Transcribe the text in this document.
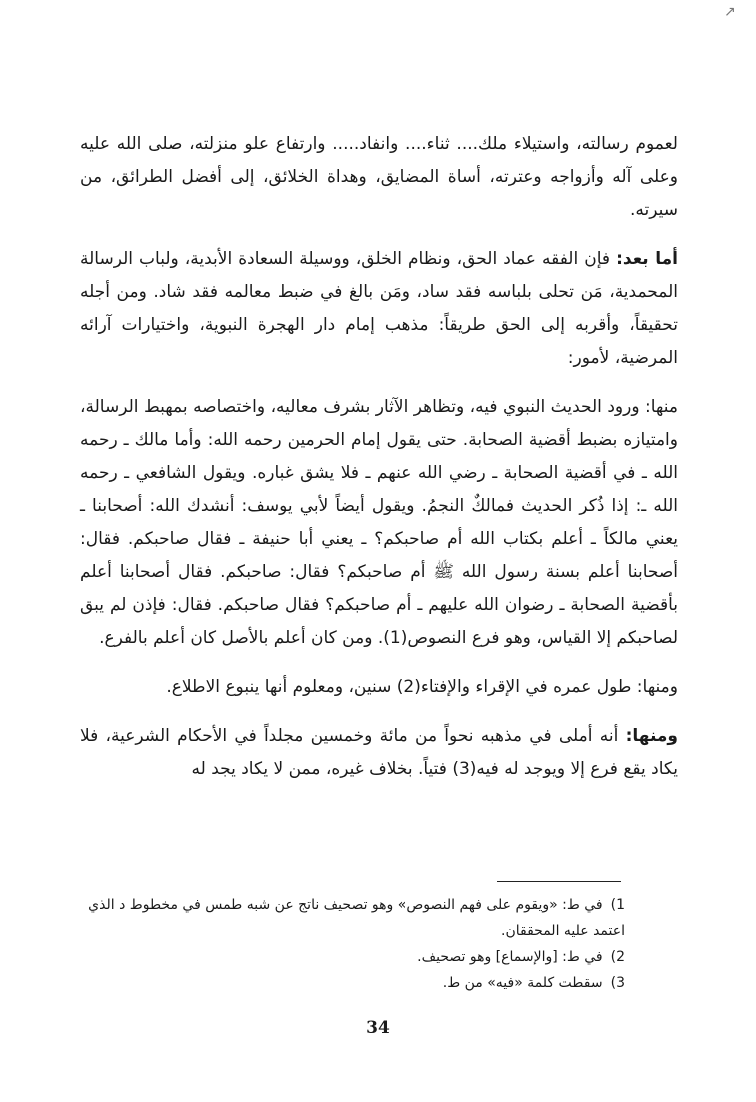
↗

لعموم رسالته، واستيلاء ملك.... ثناء.... وانفاد..... وارتفاع علو منزلته، صلى الله عليه وعلى آله وأزواجه وعترته، أساة المضايق، وهداة الخلائق، إلى أفضل الطرائق، من سيرته.

أما بعد: فإن الفقه عماد الحق، ونظام الخلق، ووسيلة السعادة الأبدية، ولباب الرسالة المحمدية، مَن تحلى بلباسه فقد ساد، ومَن بالغ في ضبط معالمه فقد شاد. ومن أجله تحقيقاً، وأقربه إلى الحق طريقاً: مذهب إمام دار الهجرة النبوية، واختيارات آرائه المرضية، لأمور:

منها: ورود الحديث النبوي فيه، وتظاهر الآثار بشرف معاليه، واختصاصه بمهبط الرسالة، وامتيازه بضبط أقضية الصحابة. حتى يقول إمام الحرمين رحمه الله: وأما مالك ـ رحمه الله ـ في أقضية الصحابة ـ رضي الله عنهم ـ فلا يشق غباره. ويقول الشافعي ـ رحمه الله ـ: إذا ذُكر الحديث فمالكٌ النجمُ. ويقول أيضاً لأبي يوسف: أنشدك الله: أصحابنا ـ يعني مالكاً ـ أعلم بكتاب الله أم صاحبكم؟ ـ يعني أبا حنيفة ـ فقال صاحبكم. فقال: أصحابنا أعلم بسنة رسول الله ﷺ أم صاحبكم؟ فقال: صاحبكم. فقال أصحابنا أعلم بأقضية الصحابة ـ رضوان الله عليهم ـ أم صاحبكم؟ فقال صاحبكم. فقال: فإذن لم يبق لصاحبكم إلا القياس، وهو فرع النصوص(1). ومن كان أعلم بالأصل كان أعلم بالفرع.

ومنها: طول عمره في الإقراء والإفتاء(2) سنين، ومعلوم أنها ينبوع الاطلاع.

ومنها: أنه أملى في مذهبه نحواً من مائة وخمسين مجلداً في الأحكام الشرعية، فلا يكاد يقع فرع إلا ويوجد له فيه(3) فتياً. بخلاف غيره، ممن لا يكاد يجد له

1)في ط: «ويقوم على فهم النصوص» وهو تصحيف ناتج عن شبه طمس في مخطوط د الذي اعتمد عليه المحققان.

2)في ط: [والإسماع] وهو تصحيف.

3)سقطت كلمة «فيه» من ط.

34
